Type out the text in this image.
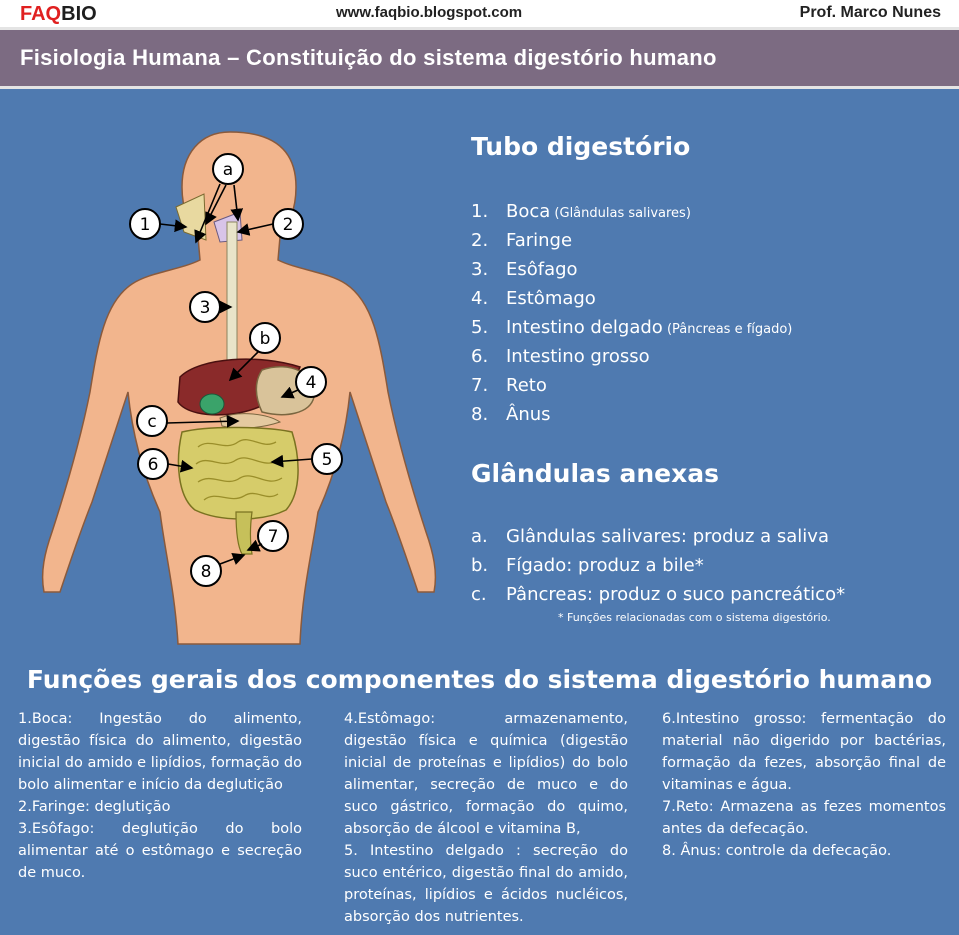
FAQBIO	www.faqbio.blogspot.com	Prof. Marco Nunes
Fisiologia Humana – Constituição do sistema digestório humano
a
1	2
3
b
4
c
6	5
7
8
Tubo digestório
1. Boca (Glândulas salivares)
2. Faringe
3. Esôfago
4. Estômago
5. Intestino delgado (Pâncreas e fígado)
6. Intestino grosso
7. Reto
8. Ânus
Glândulas anexas
a. Glândulas salivares: produz a saliva
b. Fígado: produz a bile*
c. Pâncreas: produz o suco pancreático*
* Funções relacionadas com o sistema digestório.
Funções gerais dos componentes do sistema digestório humano

1.Boca: Ingestão do alimento, digestão física do alimento, digestão inicial do amido e lipídios, formação do bolo alimentar e início da deglutição

2.Faringe: deglutição

3.Esôfago: deglutição do bolo alimentar até o estômago e secreção de muco.

4.Estômago: armazenamento, digestão física e química (digestão inicial de proteínas e lipídios) do bolo alimentar, secreção de muco e do suco gástrico, formação do quimo, absorção de álcool e vitamina B,

5. Intestino delgado : secreção do suco entérico, digestão final do amido, proteínas, lipídios e ácidos nucléicos, absorção dos nutrientes.

6.Intestino grosso: fermentação do material não digerido por bactérias, formação da fezes, absorção final de vitaminas e água.

7.Reto: Armazena as fezes momentos antes da defecação.

8. Ânus: controle da defecação.
